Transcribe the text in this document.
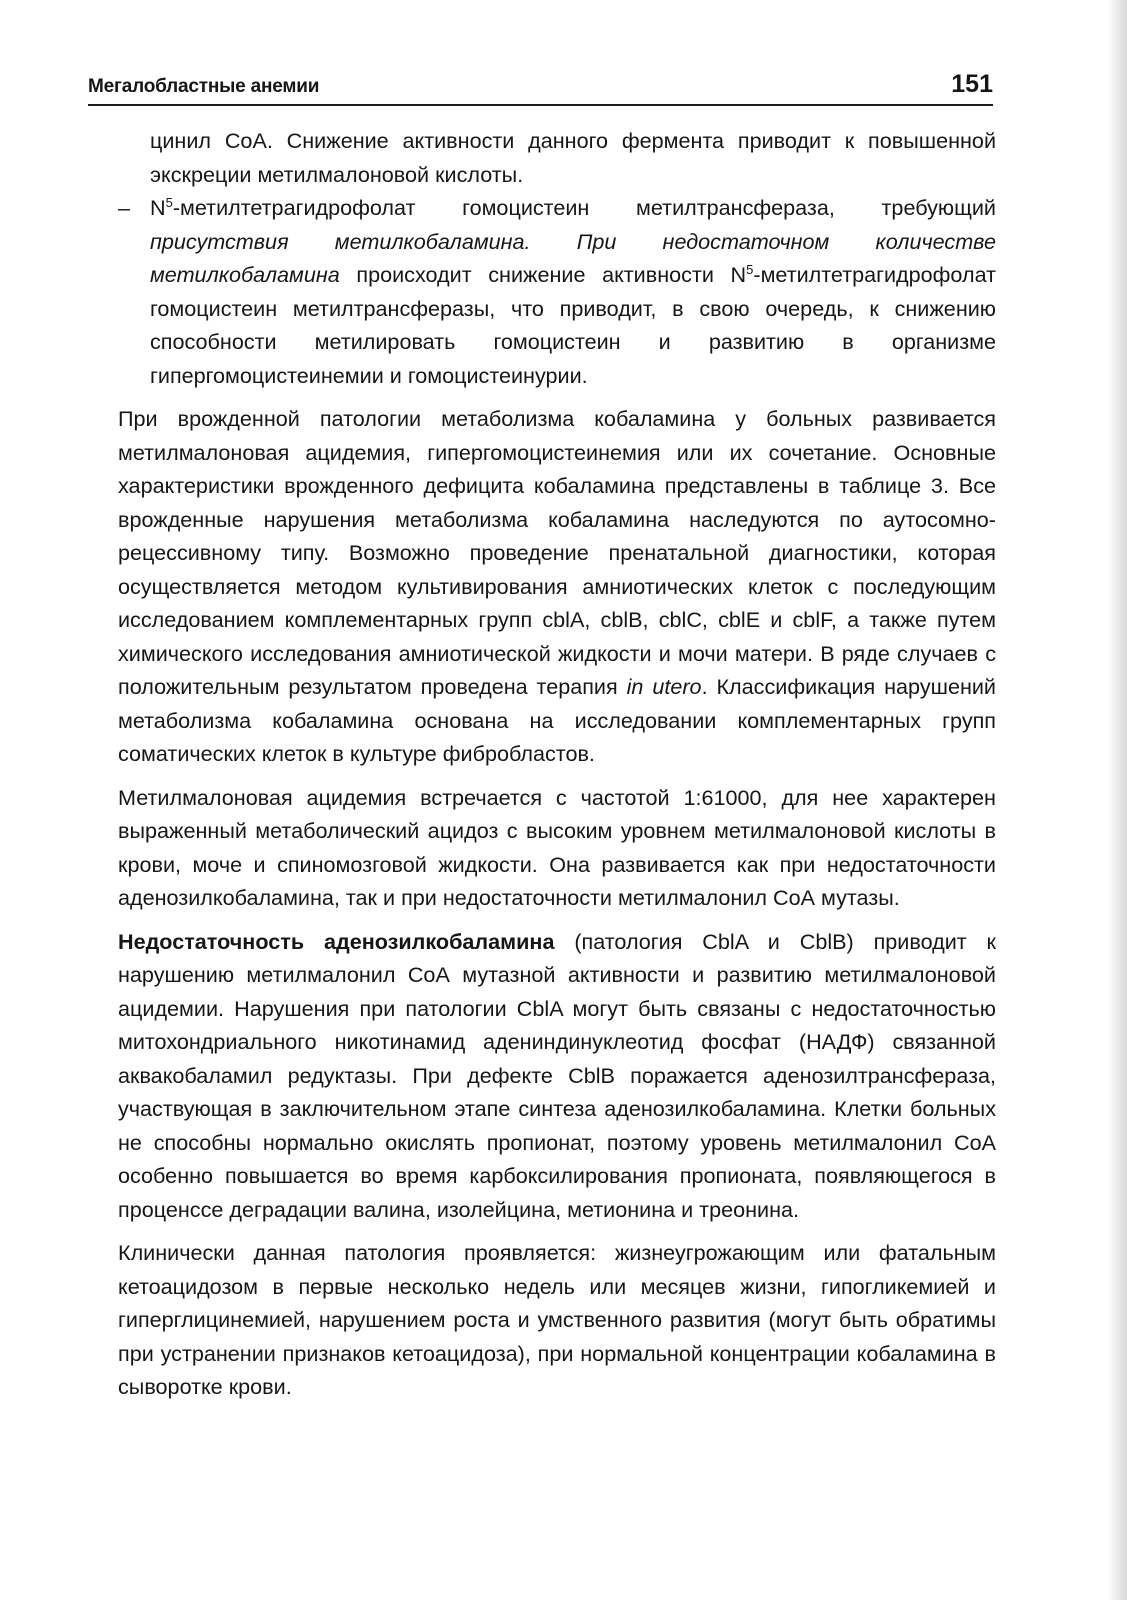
Мегалобластные анемии	151

цинил СоА. Снижение активности данного фермента приводит к повышенной экскреции метилмалоновой кислоты.

– $N^5$-метилтетрагидрофолат гомоцистеин метилтрансфераза, требующий присутствия метилкобаламина. При недостаточном количестве метилкобаламина происходит снижение активности $N^5$-метилтетрагидрофолат гомоцистеин метилтрансферазы, что приводит, в свою очередь, к снижению способности метилировать гомоцистеин и развитию в организме гипергомоцистеинемии и гомоцистеинурии.

При врожденной патологии метаболизма кобаламина у больных развивается метилмалоновая ацидемия, гипергомоцистеинемия или их сочетание. Основные характеристики врожденного дефицита кобаламина представлены в таблице 3. Все врожденные нарушения метаболизма кобаламина наследуются по аутосомно-рецессивному типу. Возможно проведение пренатальной диагностики, которая осуществляется методом культивирования амниотических клеток с последующим исследованием комплементарных групп cblA, cblB, cblC, cblE и cblF, а также путем химического исследования амниотической жидкости и мочи матери. В ряде случаев с положительным результатом проведена терапия in utero. Классификация нарушений метаболизма кобаламина основана на исследовании комплементарных групп соматических клеток в культуре фибробластов.

Метилмалоновая ацидемия встречается с частотой 1:61000, для нее характерен выраженный метаболический ацидоз с высоким уровнем метилмалоновой кислоты в крови, моче и спиномозговой жидкости. Она развивается как при недостаточности аденозилкобаламина, так и при недостаточности метилмалонил СоА мутазы.

Недостаточность аденозилкобаламина (патология CblA и CblB) приводит к нарушению метилмалонил СоА мутазной активности и развитию метилмалоновой ацидемии. Нарушения при патологии CblA могут быть связаны с недостаточностью митохондриального никотинамид адениндинуклеотид фосфат (НАДФ) связанной аквакобаламил редуктазы. При дефекте CblB поражается аденозилтрансфераза, участвующая в заключительном этапе синтеза аденозилкобаламина. Клетки больных не способны нормально окислять пропионат, поэтому уровень метилмалонил СоА особенно повышается во время карбоксилирования пропионата, появляющегося в проценссе деградации валина, изолейцина, метионина и треонина.

Клинически данная патология проявляется: жизнеугрожающим или фатальным кетоацидозом в первые несколько недель или месяцев жизни, гипогликемией и гиперглицинемией, нарушением роста и умственного развития (могут быть обратимы при устранении признаков кетоацидоза), при нормальной концентрации кобаламина в сыворотке крови.
